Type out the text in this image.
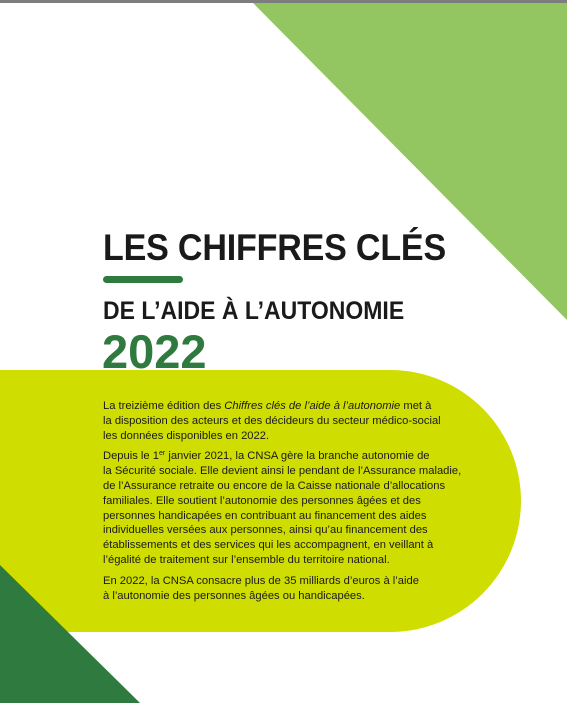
LES CHIFFRES CLÉS
DE L’AIDE À L’AUTONOMIE
2022

La treizième édition des Chiffres clés de l’aide à l’autonomie met à
la disposition des acteurs et des décideurs du secteur médico-social
les données disponibles en 2022.

Depuis le 1er janvier 2021, la CNSA gère la branche autonomie de
la Sécurité sociale. Elle devient ainsi le pendant de l’Assurance maladie,
de l’Assurance retraite ou encore de la Caisse nationale d’allocations
familiales. Elle soutient l’autonomie des personnes âgées et des
personnes handicapées en contribuant au financement des aides
individuelles versées aux personnes, ainsi qu’au financement des
établissements et des services qui les accompagnent, en veillant à
l’égalité de traitement sur l’ensemble du territoire national.

En 2022, la CNSA consacre plus de 35 milliards d’euros à l’aide
à l’autonomie des personnes âgées ou handicapées.
